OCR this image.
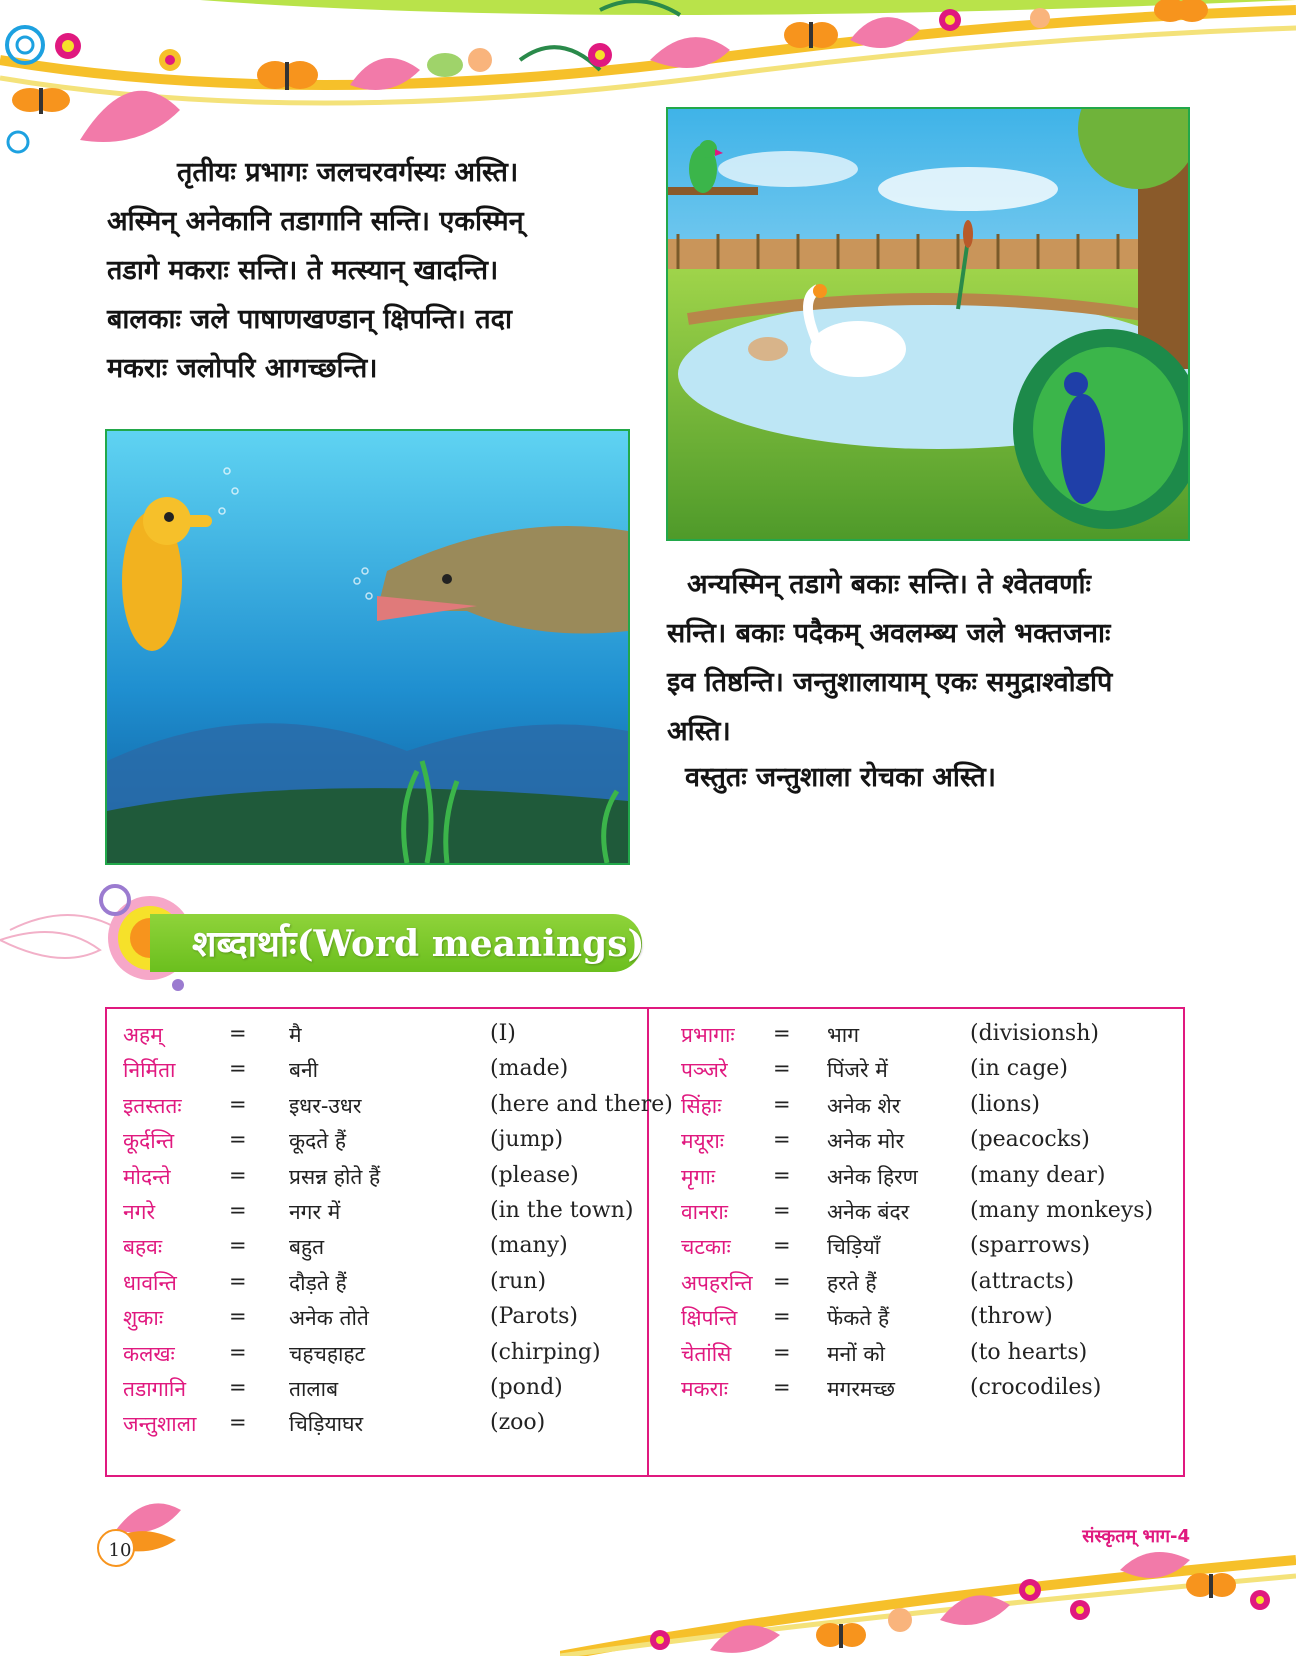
तृतीयः प्रभागः जलचरवर्गस्यः अस्ति।
अस्मिन् अनेकानि तडागानि सन्ति। एकस्मिन्
तडागे मकराः सन्ति। ते मत्स्यान् खादन्ति।
बालकाः जले पाषाणखण्डान् क्षिपन्ति। तदा
मकराः जलोपरि आगच्छन्ति।
अन्यस्मिन् तडागे बकाः सन्ति। ते श्वेतवर्णाः
सन्ति। बकाः पदैकम् अवलम्ब्य जले भक्तजनाः
इव तिष्ठन्ति। जन्तुशालायाम् एकः समुद्राश्वोडपि
अस्ति।
वस्तुतः जन्तुशाला रोचका अस्ति।
शब्दार्थाः(Word meanings)
अहम्	= मै	(I)
निर्मिता	= बनी	(made)
इतस्ततः = इधर-उधर	(here and there)
कूर्दन्ति	= कूदते हैं	(jump)
मोदन्ते	= प्रसन्न होते हैं	(please)
नगरे	= नगर में	(in the town)
बहवः	= बहुत	(many)
धावन्ति = दौड़ते हैं	(run)
शुकाः	= अनेक तोते	(Parots)
कलखः	= चहचहाहट	(chirping)
तडागानि = तालाब	(pond)
जन्तुशाला = चिड़ियाघर	(zoo)
प्रभागाः = भाग	(divisionsh)
पञ्जरे = पिंजरे में	(in cage)
सिंहाः = अनेक शेर	(lions)
मयूराः = अनेक मोर	(peacocks)
मृगाः	= अनेक हिरण (many dear)
वानराः = अनेक बंदर	(many monkeys)
चटकाः = चिड़ियाँ	(sparrows)
अपहरन्ति = हरते हैं	(attracts)
क्षिपन्ति = फेंकते हैं	(throw)
चेतांसि = मनों को	(to hearts)
मकराः = मगरमच्छ	(crocodiles)
10
संस्कृतम् भाग-4
